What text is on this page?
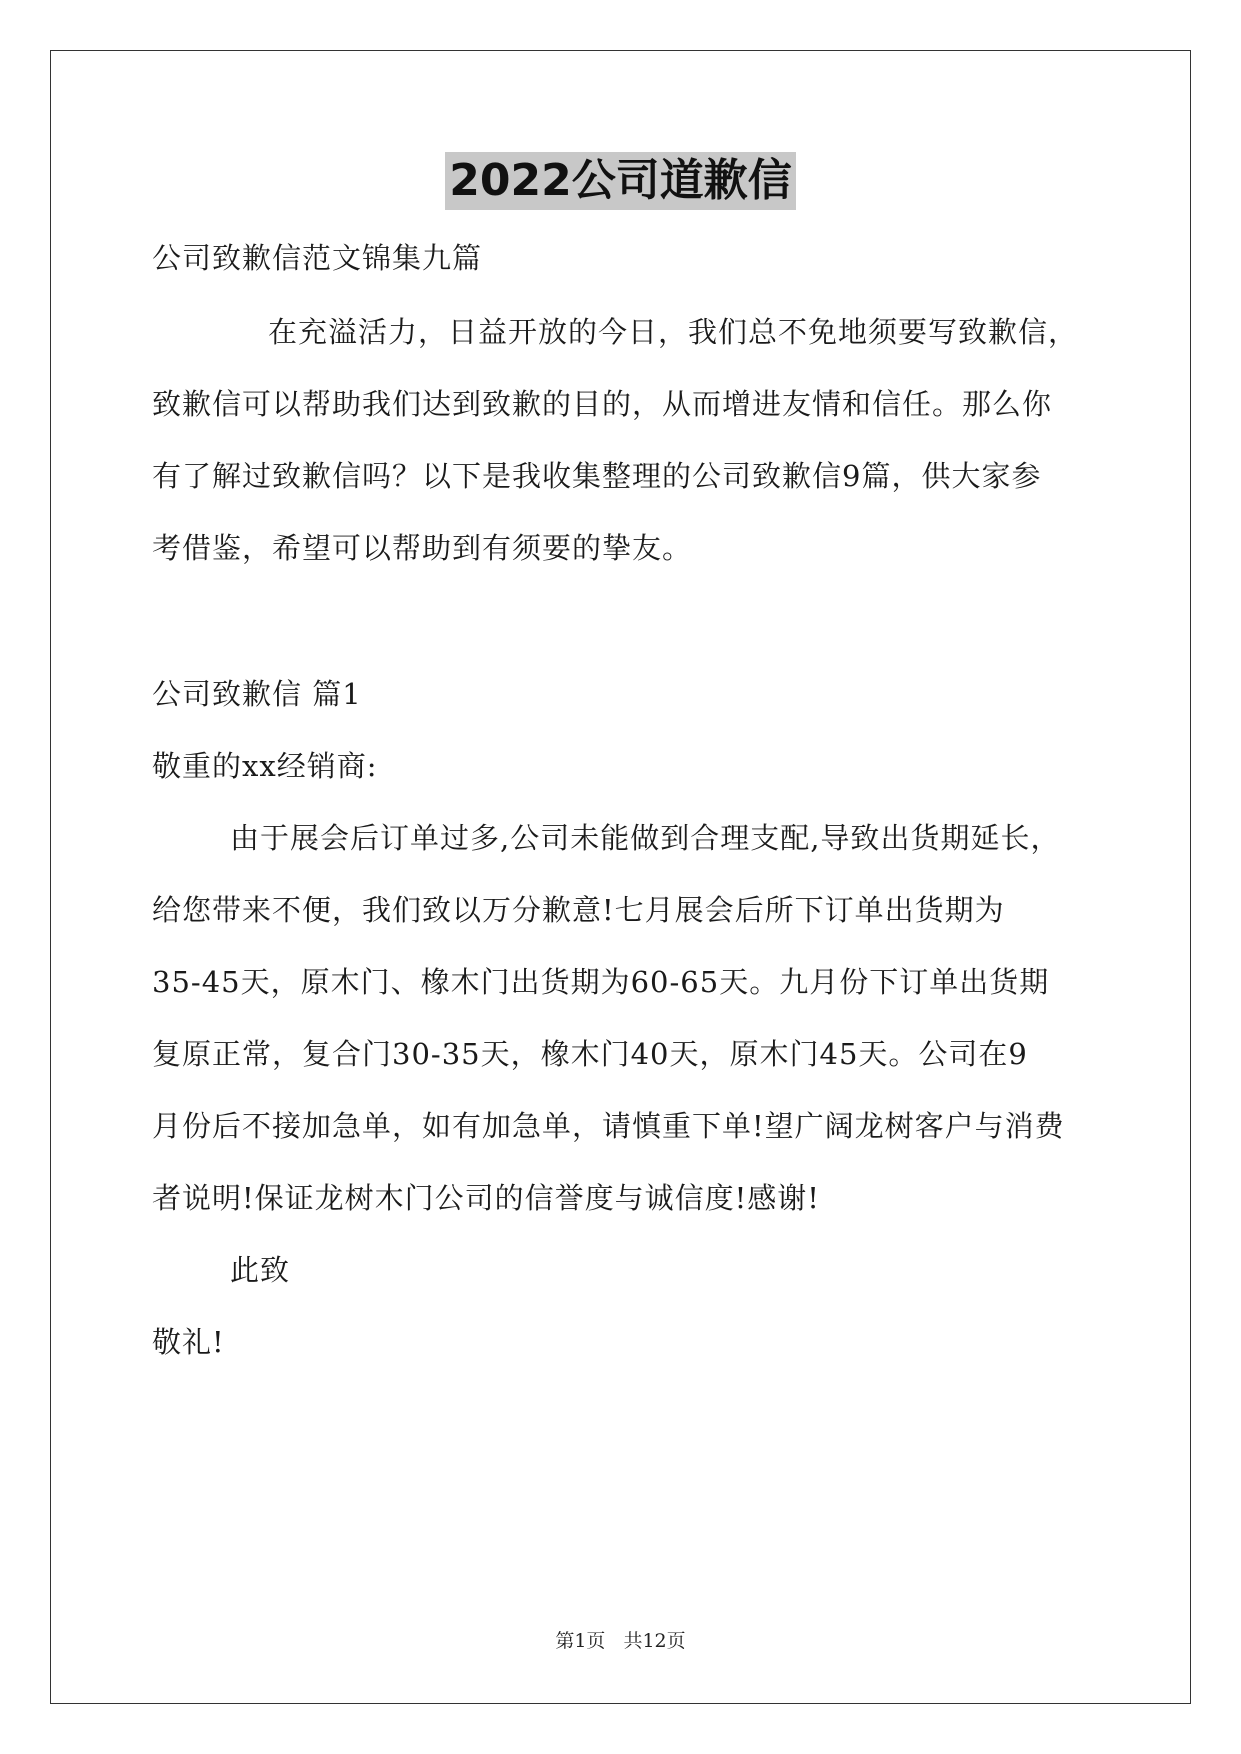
2022公司道歉信
公司致歉信范文锦集九篇
在充溢活力，日益开放的今日，我们总不免地须要写致歉信，
致歉信可以帮助我们达到致歉的目的，从而增进友情和信任。那么你
有了解过致歉信吗？以下是我收集整理的公司致歉信9篇，供大家参
考借鉴，希望可以帮助到有须要的挚友。
公司致歉信 篇1
敬重的xx经销商:
由于展会后订单过多,公司未能做到合理支配,导致出货期延长，
给您带来不便，我们致以万分歉意!七月展会后所下订单出货期为
35-45天，原木门、橡木门出货期为60-65天。九月份下订单出货期
复原正常，复合门30-35天，橡木门40天，原木门45天。公司在9
月份后不接加急单，如有加急单，请慎重下单!望广阔龙树客户与消费
者说明!保证龙树木门公司的信誉度与诚信度!感谢!
此致
敬礼!
第1页 共12页
